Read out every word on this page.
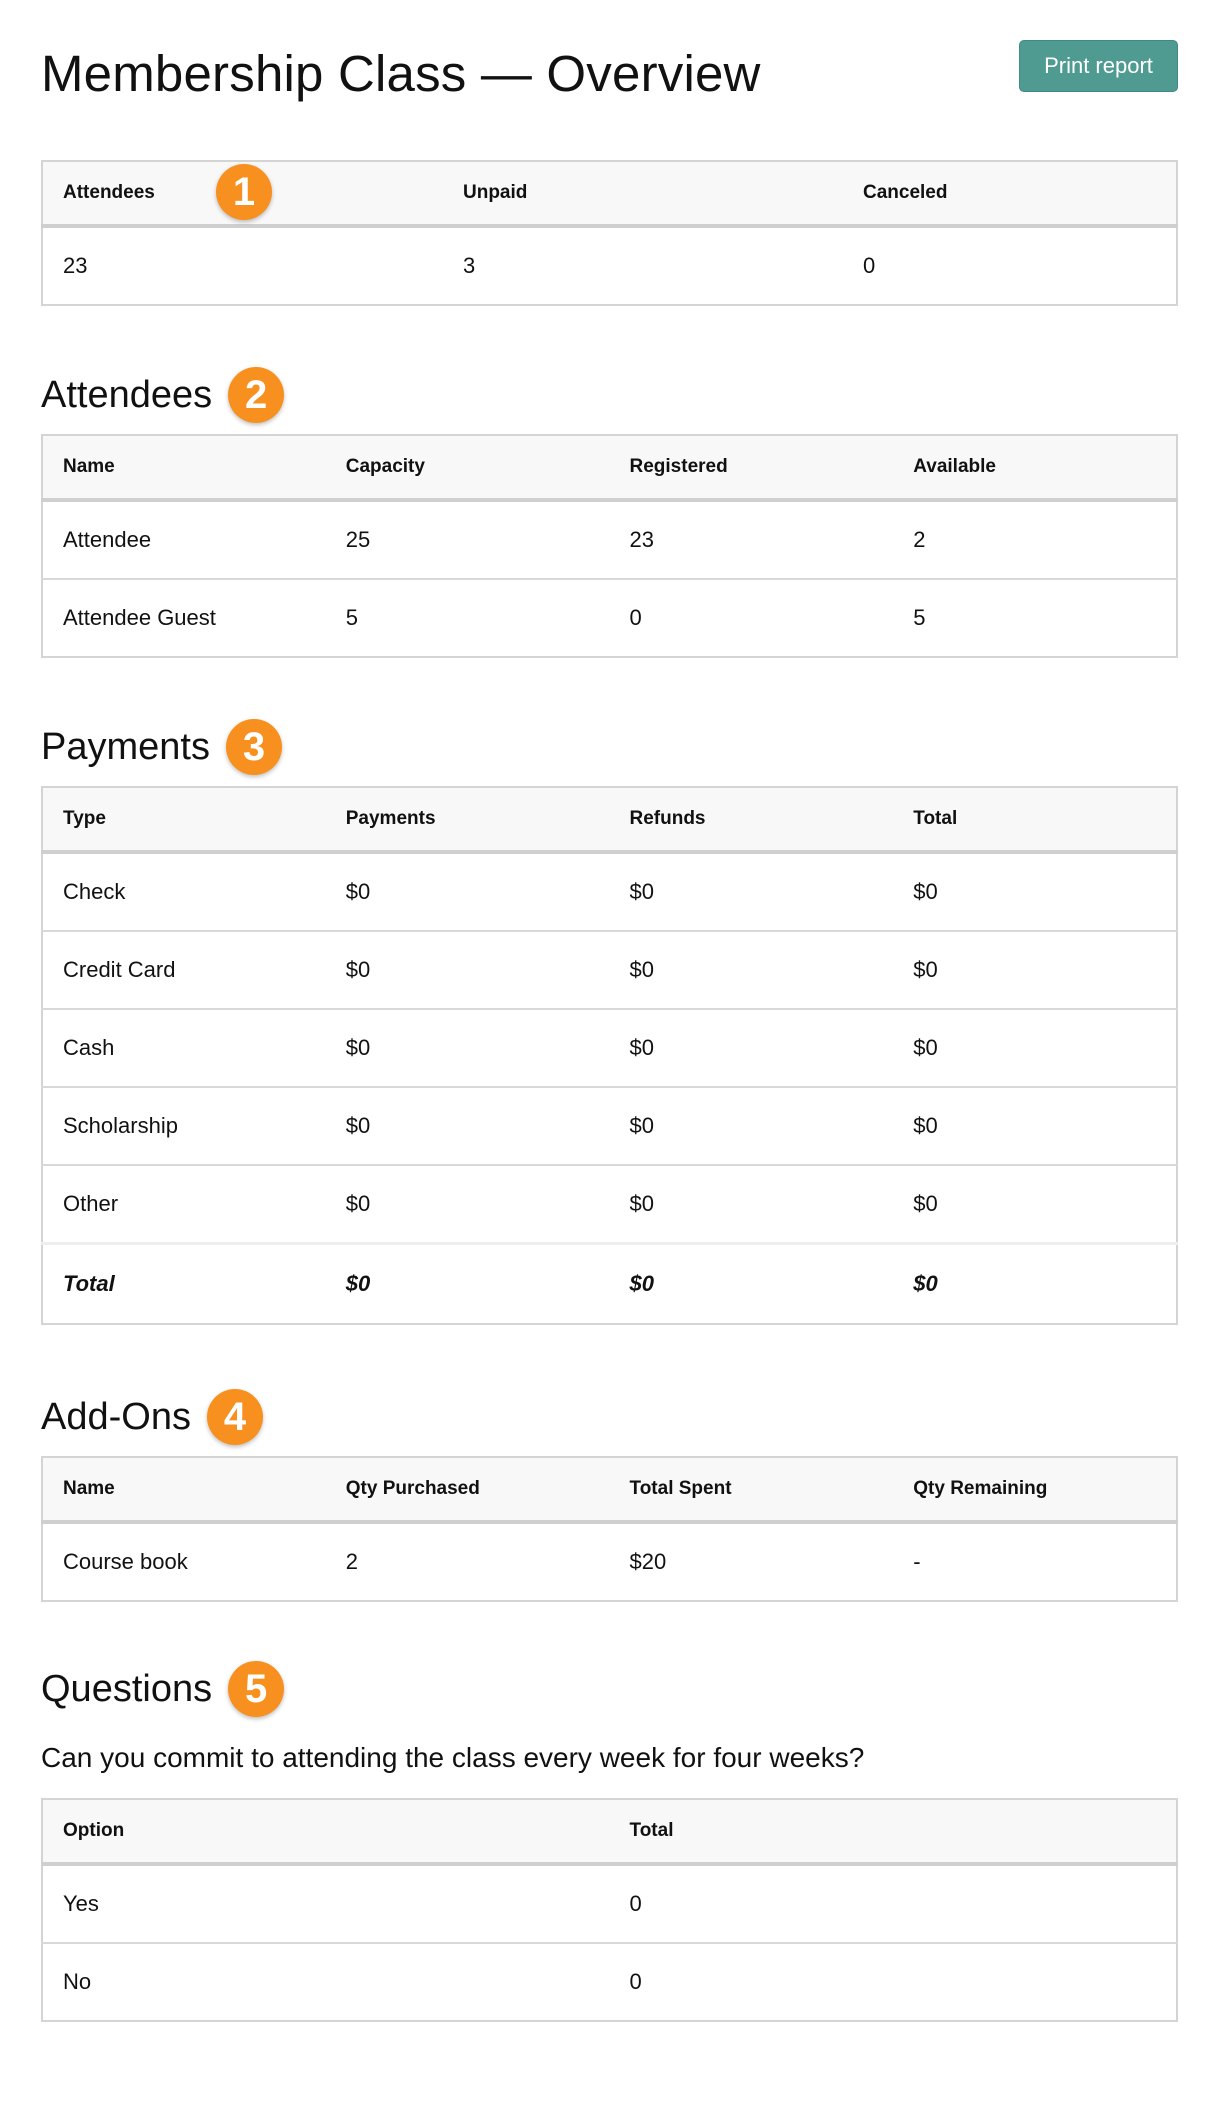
Membership Class — Overview	Print report
Attendees	Unpaid	Canceled
23	3	0
1
Attendees 2
Name	Capacity	Registered	Available
Attendee	25	23	2
Attendee Guest	5	0	5
Payments 3
Type	Payments	Refunds	Total
Check	$0	$0	$0
Credit Card	$0	$0	$0
Cash	$0	$0	$0
Scholarship	$0	$0	$0
Other	$0	$0	$0
Total	$0	$0	$0
Add-Ons 4
Name	Qty Purchased	Total Spent	Qty Remaining
Course book	2	$20	-
Questions 5

Can you commit to attending the class every week for four weeks?

Option	Total
Yes	0
No	0
